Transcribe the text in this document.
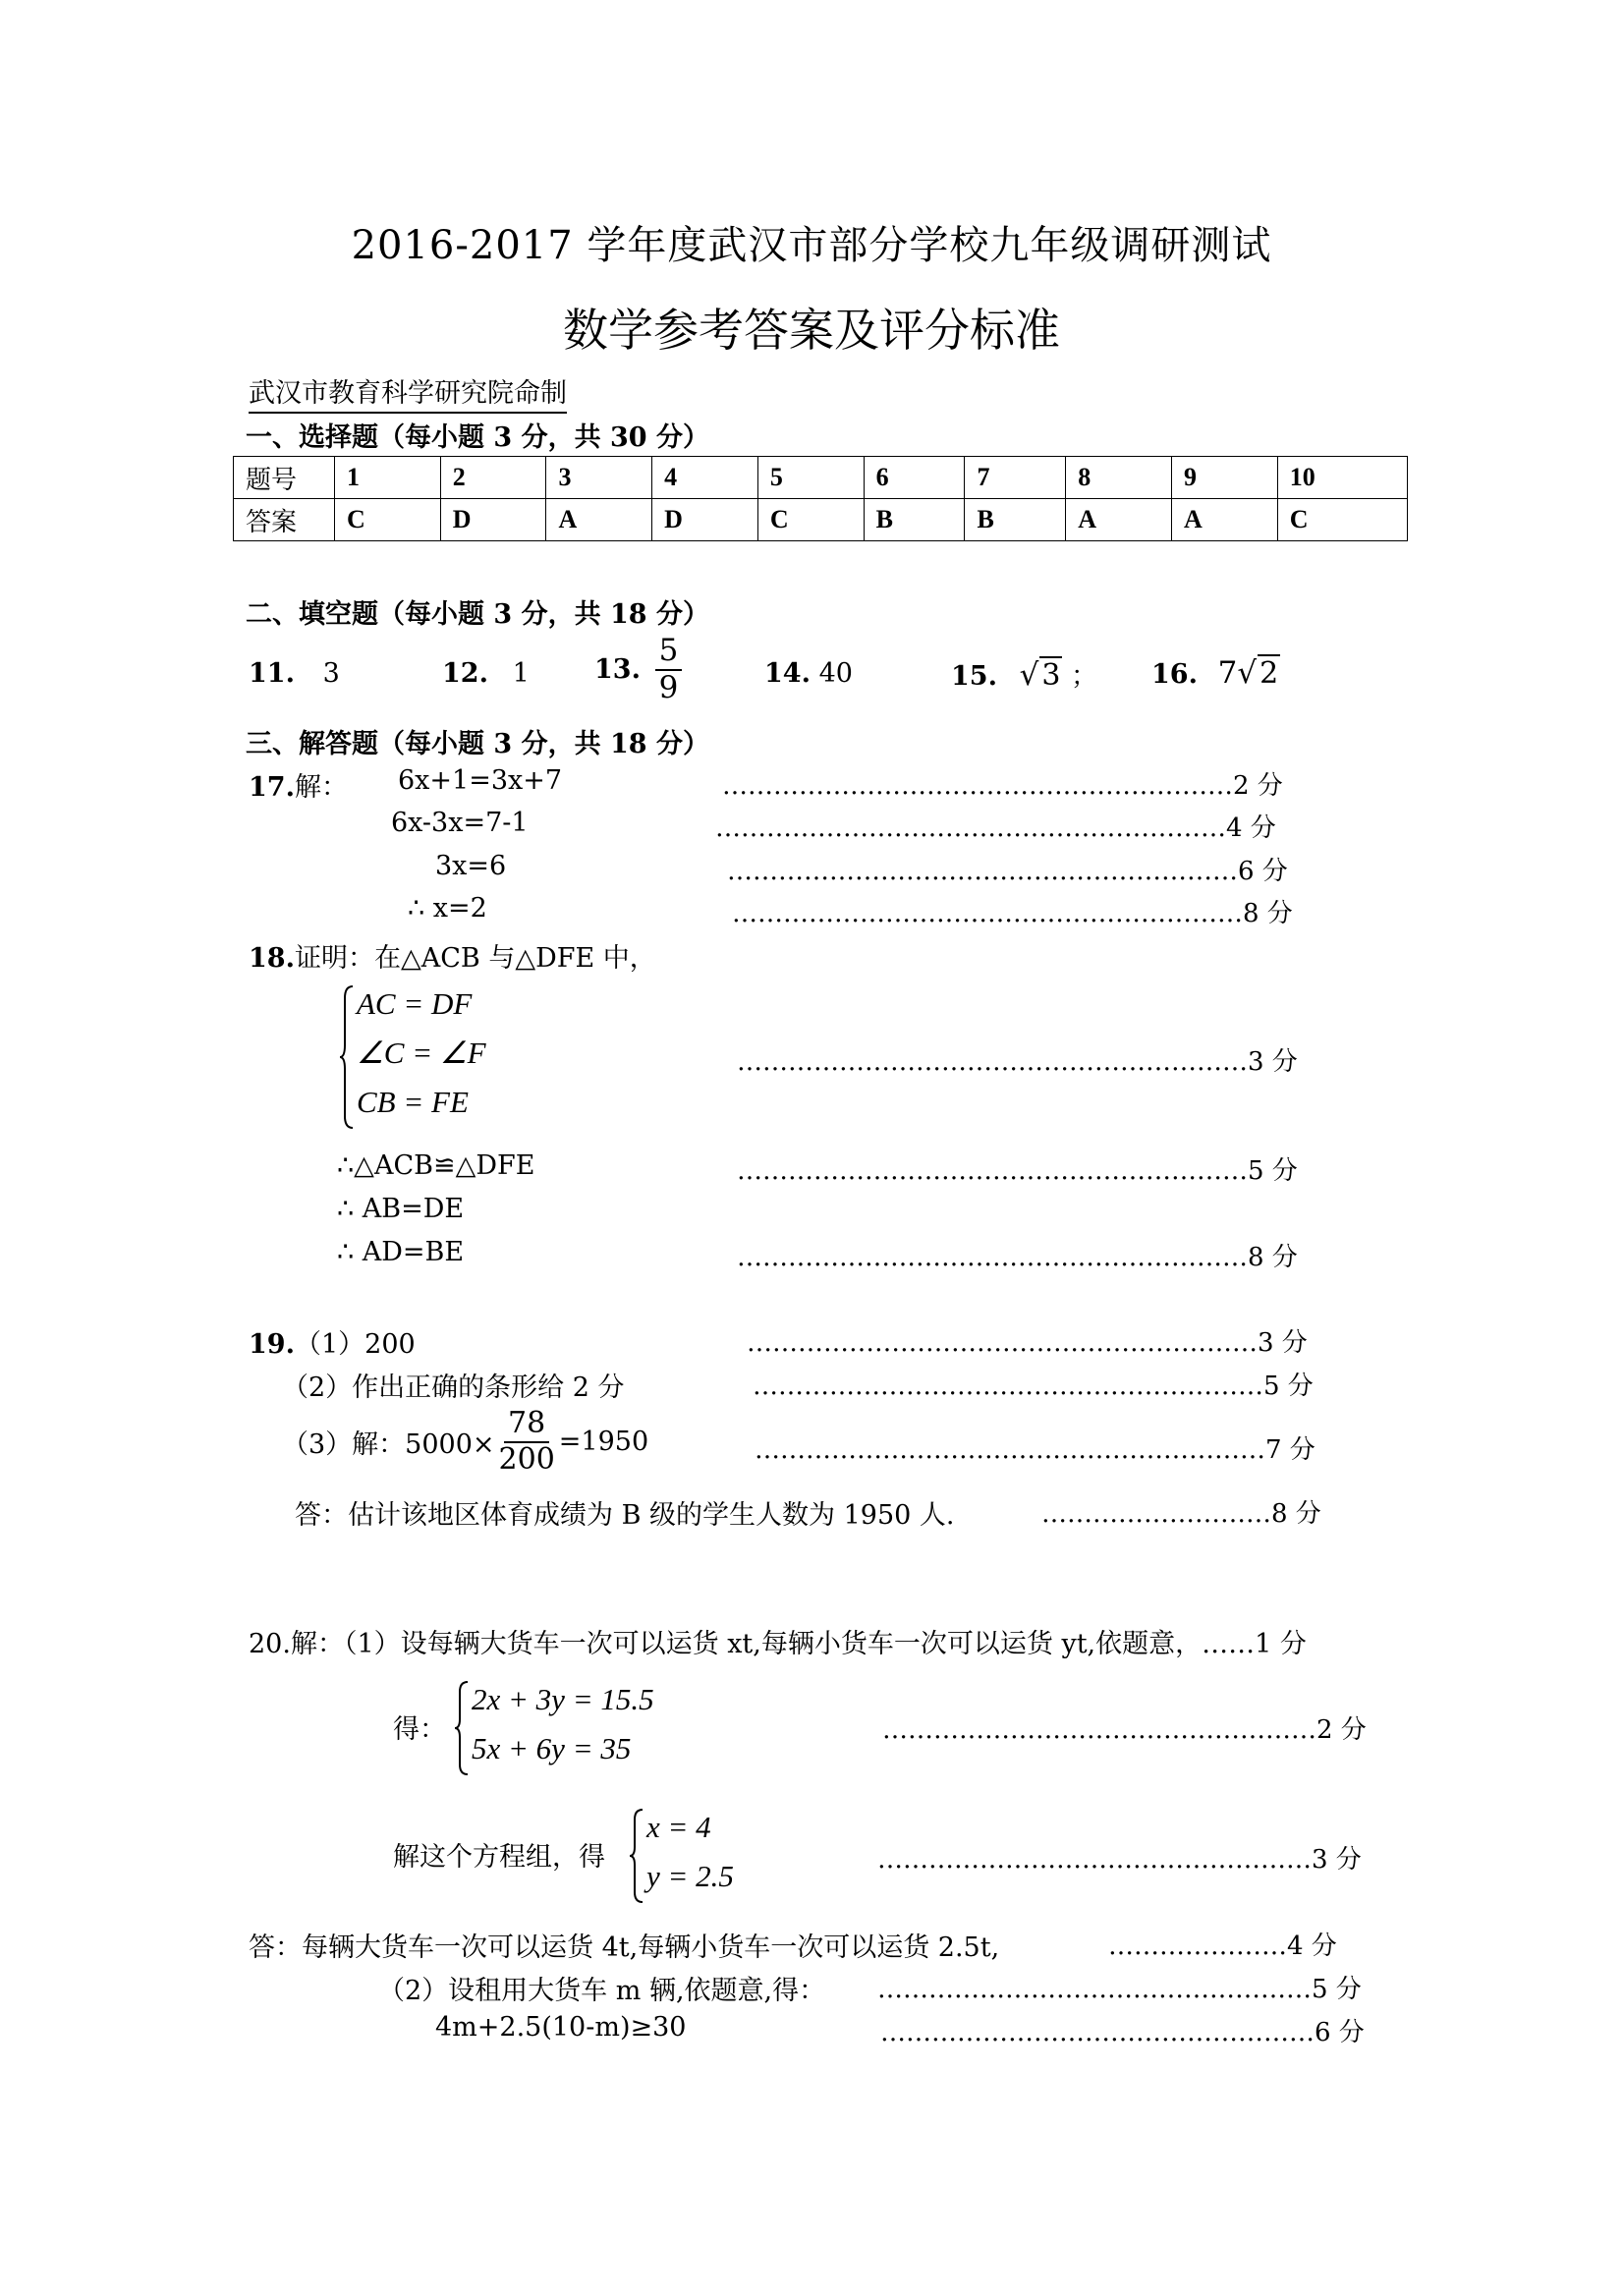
2016-2017 学年度武汉市部分学校九年级调研测试
数学参考答案及评分标准
武汉市教育科学研究院命制
一、选择题（每小题 3 分，共 30 分）
题号	1	2	3	4	5	6	7	8	9	10
答案	C	D	A	D	C	B	B	A	A	C
二、填空题（每小题 3 分，共 18 分）
11. 3	12. 1 13. $\frac{5}{9}$	14. 40	15. √ 3 ； 16. 7√ 2
三、解答题（每小题 3 分，共 18 分）
17.解： 6x+1=3x+7	……………………………………………………2 分
6x-3x=7-1	……………………………………………………4 分
3x=6	……………………………………………………6 分
∴ x=2	……………………………………………………8 分
18.证明：在△ACB 与△DFE 中，
AC = DF
∠C = ∠F
CB = FE
……………………………………………………3 分
∴△ACB≌△DFE	……………………………………………………5 分
∴ AB=DE
∴ AD=BE	……………………………………………………8 分
19.（1）200	……………………………………………………3 分
（2）作出正确的条形给 2 分	……………………………………………………5 分
（3）解：$5000\times \frac{78}{200} =1950$	……………………………………………………7 分
答：估计该地区体育成绩为 B 级的学生人数为 1950 人.	………………………8 分
20.解：（1）设每辆大货车一次可以运货 xt,每辆小货车一次可以运货 yt,依题意，……1 分
得：
2x + 3y = 15.5
5x + 6y = 35
……………………………………………2 分
解这个方程组，得
x = 4
y = 2.5	……………………………………………3 分
答：每辆大货车一次可以运货 4t,每辆小货车一次可以运货 2.5t,	…………………4 分
（2）设租用大货车 m 辆,依题意,得： ……………………………………………5 分
4m+2.5(10-m)≥30	……………………………………………6 分
